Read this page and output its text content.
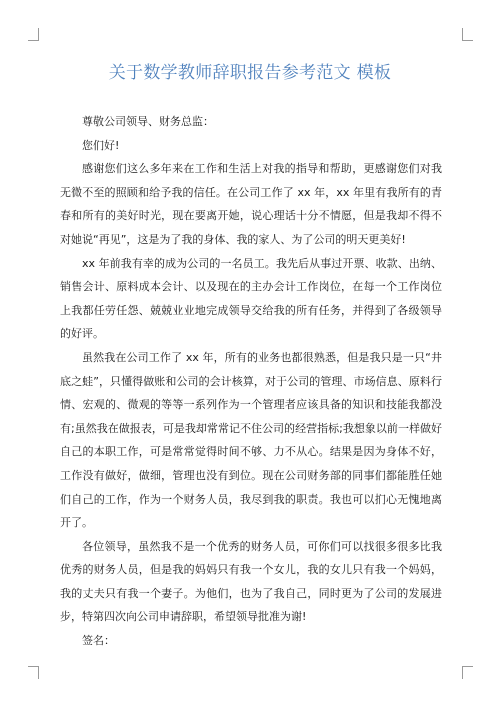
关于数学教师辞职报告参考范文 模板

尊敬公司领导、财务总监：

您们好!

感谢您们这么多年来在工作和生活上对我的指导和帮助，更感谢您们对我无微不至的照顾和给予我的信任。在公司工作了 xx 年，xx 年里有我所有的青春和所有的美好时光，现在要离开她，说心理话十分不情愿，但是我却不得不对她说“再见”，这是为了我的身体、我的家人、为了公司的明天更美好!

xx 年前我有幸的成为公司的一名员工。我先后从事过开票、收款、出纳、销售会计、原料成本会计、以及现在的主办会计工作岗位，在每一个工作岗位上我都任劳任怨、兢兢业业地完成领导交给我的所有任务，并得到了各级领导的好评。

虽然我在公司工作了 xx 年，所有的业务也都很熟悉，但是我只是一只“井底之蛙”，只懂得做账和公司的会计核算，对于公司的管理、市场信息、原料行情、宏观的、微观的等等一系列作为一个管理者应该具备的知识和技能我都没有;虽然我在做报表，可是我却常常记不住公司的经营指标;我想象以前一样做好自己的本职工作，可是常常觉得时间不够、力不从心。结果是因为身体不好，工作没有做好，做细，管理也没有到位。现在公司财务部的同事们都能胜任她们自己的工作，作为一个财务人员，我尽到我的职责。我也可以扪心无愧地离开了。

各位领导，虽然我不是一个优秀的财务人员，可你们可以找很多很多比我优秀的财务人员，但是我的妈妈只有我一个女儿，我的女儿只有我一个妈妈，我的丈夫只有我一个妻子。为他们，也为了我自己，同时更为了公司的发展进步，特第四次向公司申请辞职，希望领导批准为谢!

签名：
